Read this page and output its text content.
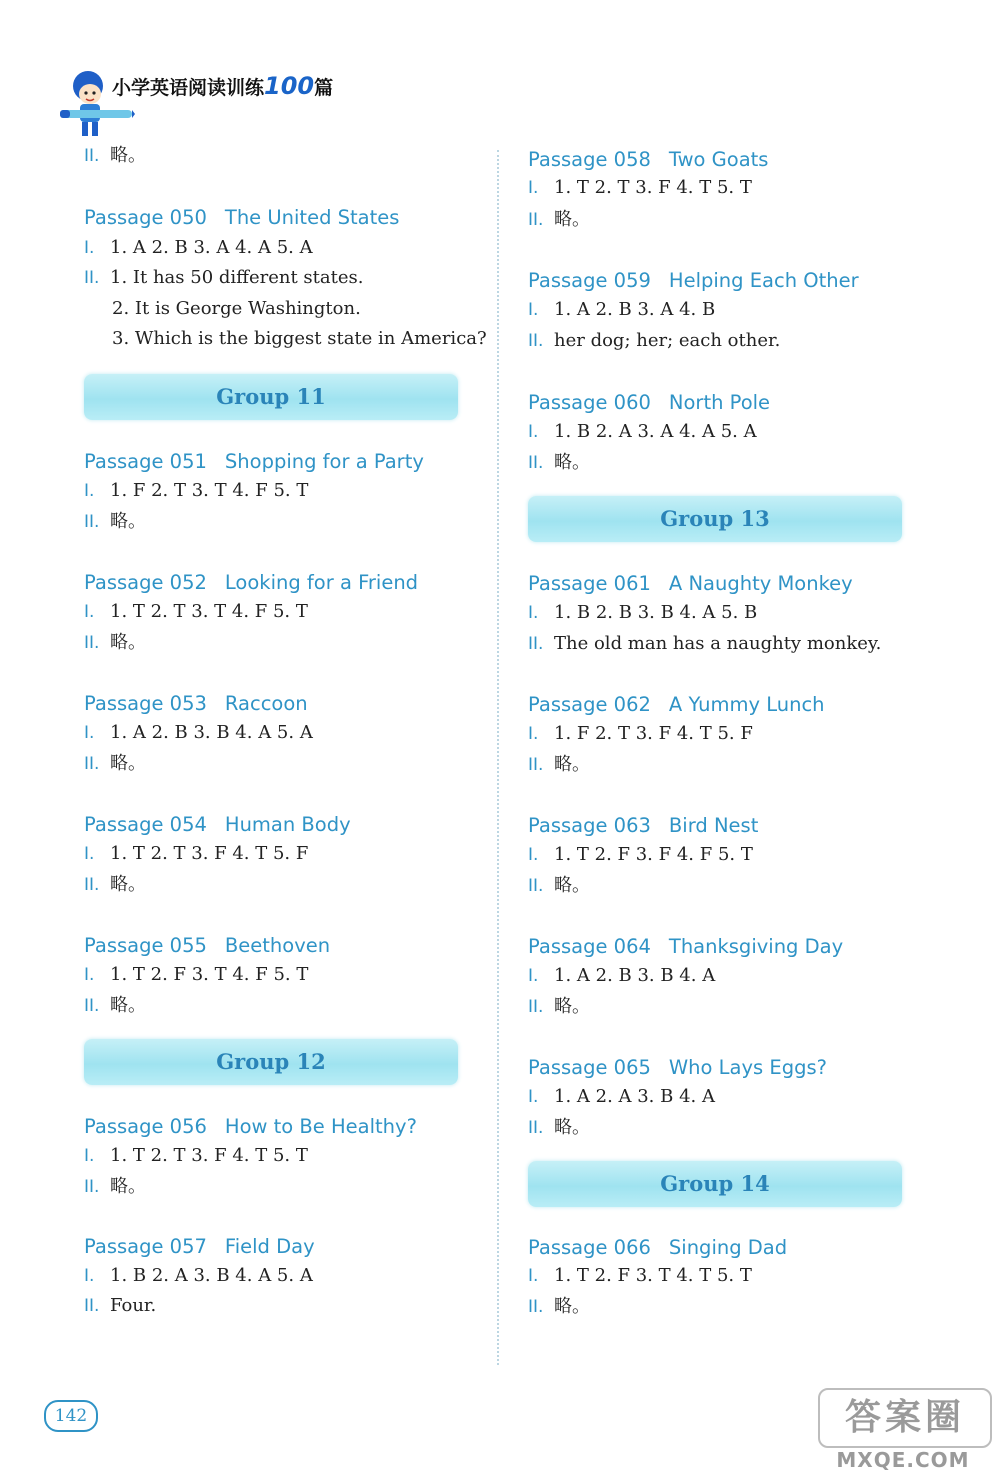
小学英语阅读训练100篇
II. 略。
Passage 050 The United States
I. 1. A 2. B 3. A 4. A 5. A
II. 1. It has 50 different states.
2. It is George Washington.
3. Which is the biggest state in America?
Group 11
Passage 051 Shopping for a Party
I. 1. F 2. T 3. T 4. F 5. T
II. 略。
Passage 052 Looking for a Friend
I. 1. T 2. T 3. T 4. F 5. T
II. 略。
Passage 053 Raccoon
I. 1. A 2. B 3. B 4. A 5. A
II. 略。
Passage 054 Human Body
I. 1. T 2. T 3. F 4. T 5. F
II. 略。
Passage 055 Beethoven
I. 1. T 2. F 3. T 4. F 5. T
II. 略。
Group 12
Passage 056 How to Be Healthy?
I. 1. T 2. T 3. F 4. T 5. T
II. 略。
Passage 057 Field Day
I. 1. B 2. A 3. B 4. A 5. A
II. Four.
Passage 058 Two Goats
I. 1. T 2. T 3. F 4. T 5. T
II. 略。
Passage 059 Helping Each Other
I. 1. A 2. B 3. A 4. B
II. her dog; her; each other.
Passage 060 North Pole
I. 1. B 2. A 3. A 4. A 5. A
II. 略。
Group 13
Passage 061 A Naughty Monkey
I. 1. B 2. B 3. B 4. A 5. B
II. The old man has a naughty monkey.
Passage 062 A Yummy Lunch
I. 1. F 2. T 3. F 4. T 5. F
II. 略。
Passage 063 Bird Nest
I. 1. T 2. F 3. F 4. F 5. T
II. 略。
Passage 064 Thanksgiving Day
I. 1. A 2. B 3. B 4. A
II. 略。
Passage 065 Who Lays Eggs?
I. 1. A 2. A 3. B 4. A
II. 略。
Group 14
Passage 066 Singing Dad
I. 1. T 2. F 3. T 4. T 5. T
II. 略。
142	答案圈
MXQE.COM
